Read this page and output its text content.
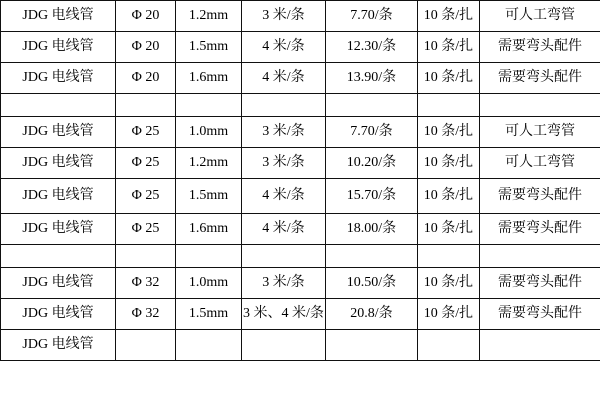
JDG 电线管	Φ 20	1.2mm	3 米/条	7.70/条	10 条/扎	可人工弯管
JDG 电线管	Φ 20	1.5mm	4 米/条	12.30/条	10 条/扎	需要弯头配件
JDG 电线管	Φ 20	1.6mm	4 米/条	13.90/条	10 条/扎	需要弯头配件

JDG 电线管	Φ 25	1.0mm	3 米/条	7.70/条	10 条/扎	可人工弯管
JDG 电线管	Φ 25	1.2mm	3 米/条	10.20/条	10 条/扎	可人工弯管
JDG 电线管	Φ 25	1.5mm	4 米/条	15.70/条	10 条/扎	需要弯头配件
JDG 电线管	Φ 25	1.6mm	4 米/条	18.00/条	10 条/扎	需要弯头配件

JDG 电线管	Φ 32	1.0mm	3 米/条	10.50/条	10 条/扎	需要弯头配件
JDG 电线管	Φ 32	1.5mm	3 米、4 米/条	20.8/条	10 条/扎	需要弯头配件
JDG 电线管						
